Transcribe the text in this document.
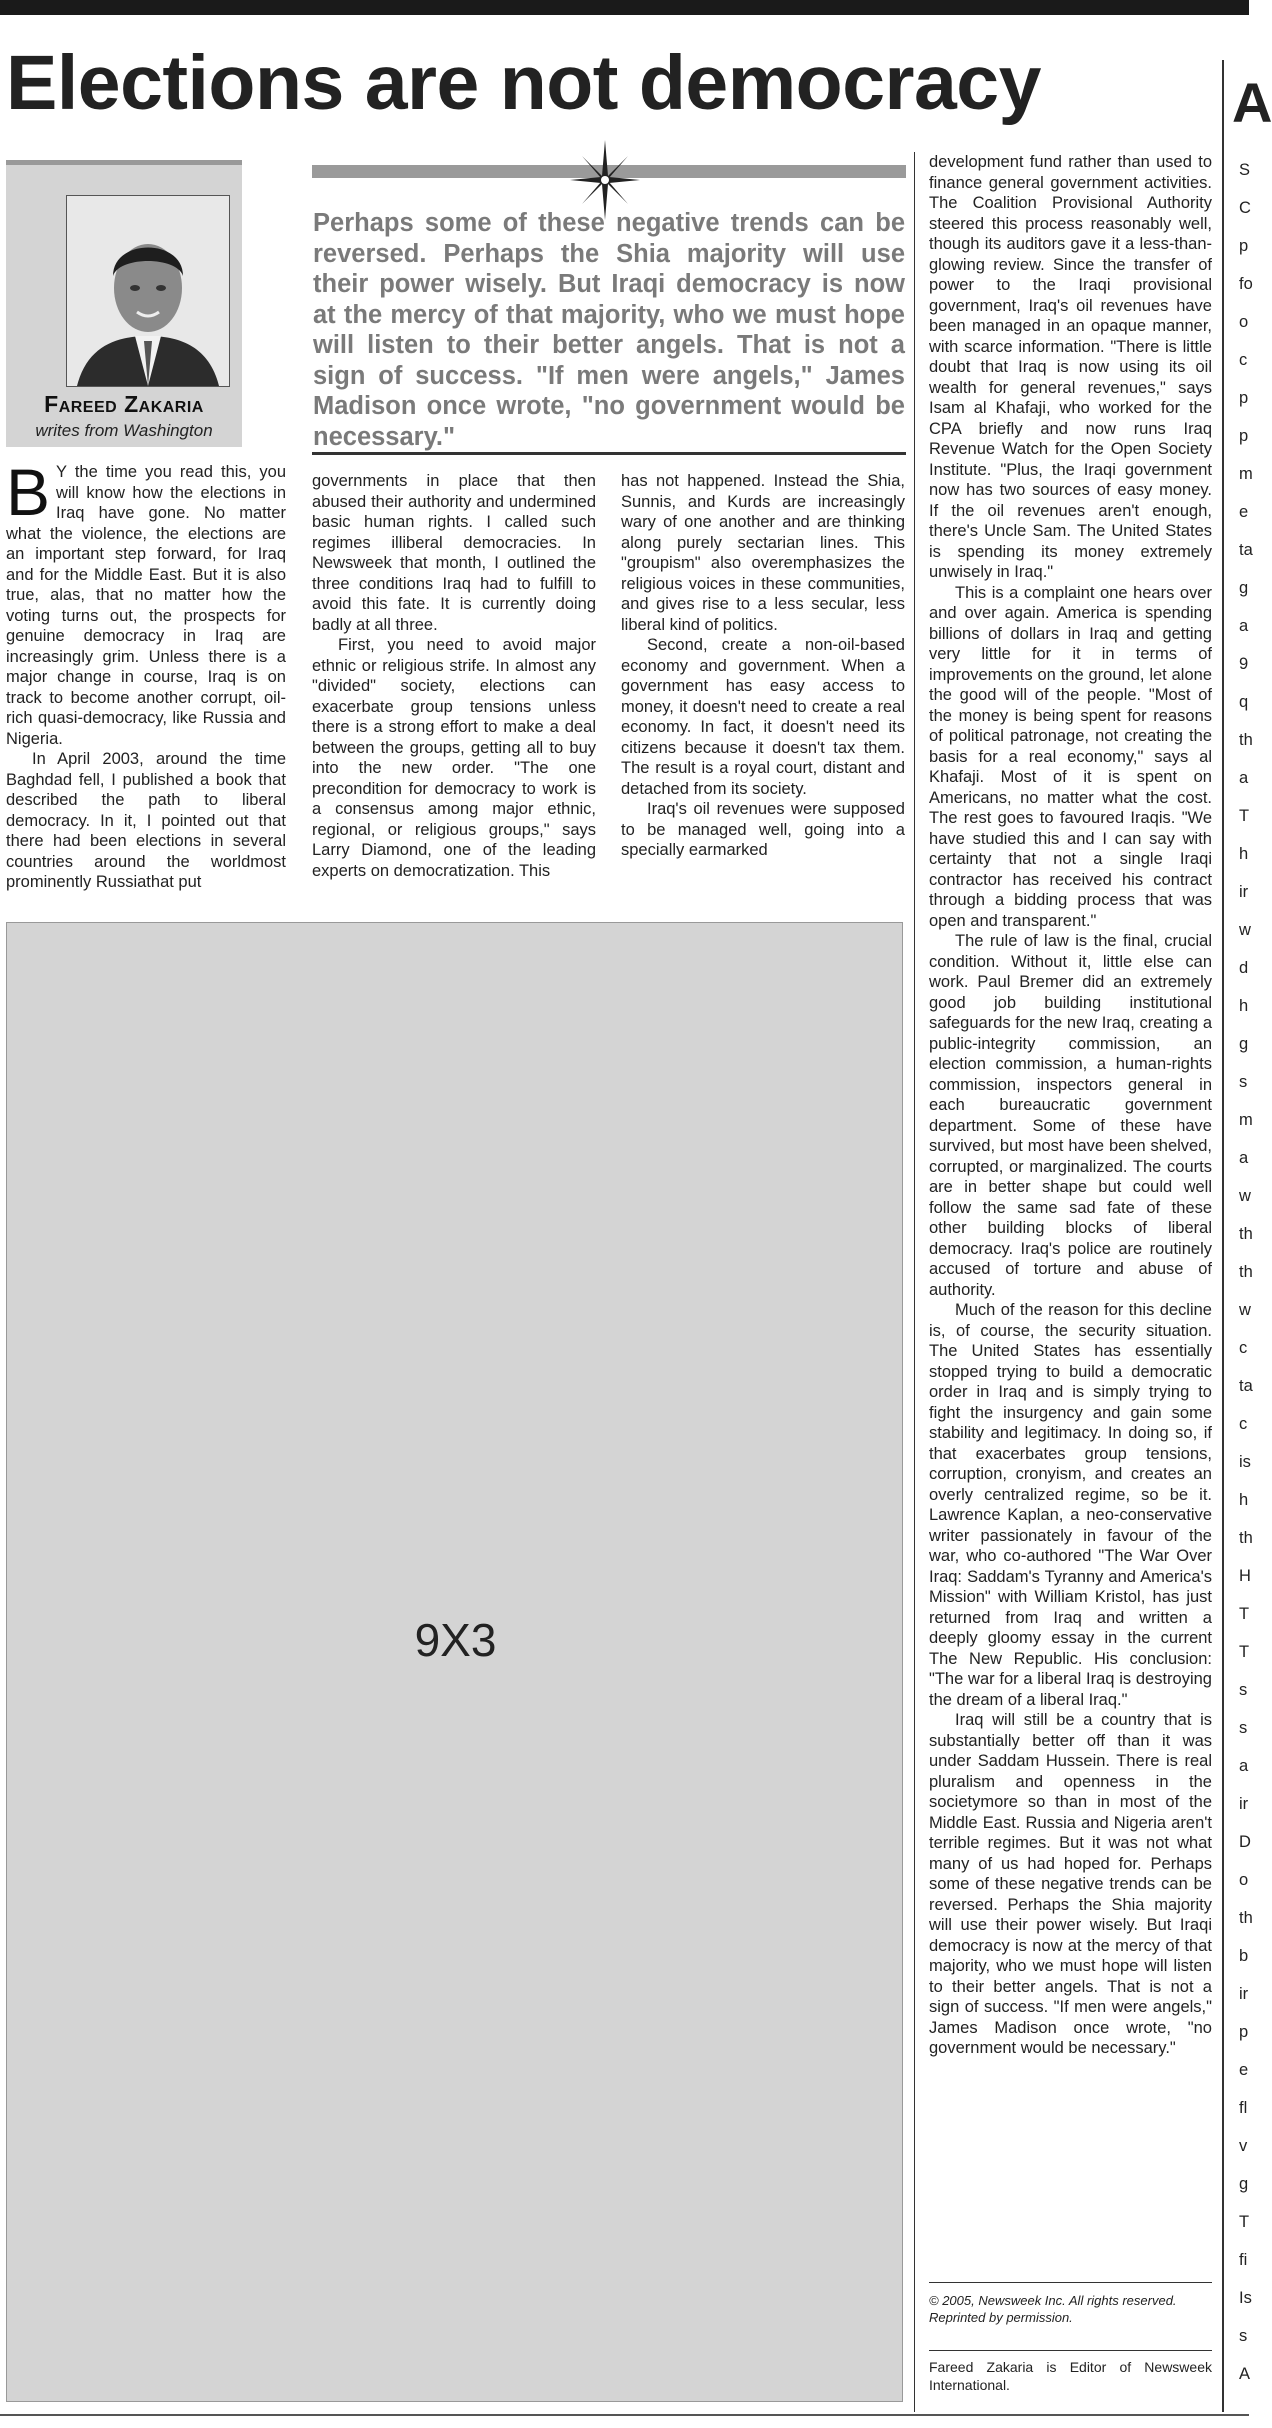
Elections are not democracy	A
Fareed Zakaria
writes from Washington

Perhaps some of these negative trends can be reversed. Perhaps the Shia majority will use their power wisely. But Iraqi democracy is now at the mercy of that majority, who we must hope will listen to their better angels. That is not a sign of success. "If men were angels," James Madison once wrote, "no government would be necessary."

B Y the time you read this, you will know how the elections in Iraq have gone. No matter what the violence, the elections are an important step forward, for Iraq and for the Middle East. But it is also true, alas, that no matter how the voting turns out, the prospects for genuine democracy in Iraq are increasingly grim. Unless there is a major change in course, Iraq is on track to become another corrupt, oil-rich quasi-democracy, like Russia and Nigeria.

In April 2003, around the time Baghdad fell, I published a book that described the path to liberal democracy. In it, I pointed out that there had been elections in several countries around the worldmost prominently Russiathat put

governments in place that then abused their authority and undermined basic human rights. I called such regimes illiberal democracies. In Newsweek that month, I outlined the three conditions Iraq had to fulfill to avoid this fate. It is currently doing badly at all three.

First, you need to avoid major ethnic or religious strife. In almost any "divided" society, elections can exacerbate group tensions unless there is a strong effort to make a deal between the groups, getting all to buy into the new order. "The one precondition for democracy to work is a consensus among major ethnic, regional, or religious groups," says Larry Diamond, one of the leading experts on democratization. This

has not happened. Instead the Shia, Sunnis, and Kurds are increasingly wary of one another and are thinking along purely sectarian lines. This "groupism" also overemphasizes the religious voices in these communities, and gives rise to a less secular, less liberal kind of politics.

Second, create a non-oil-based economy and government. When a government has easy access to money, it doesn't need to create a real economy. In fact, it doesn't need its citizens because it doesn't tax them. The result is a royal court, distant and detached from its society.

Iraq's oil revenues were supposed to be managed well, going into a specially earmarked

development fund rather than used to finance general government activities. The Coalition Provisional Authority steered this process reasonably well, though its auditors gave it a less-than-glowing review. Since the transfer of power to the Iraqi provisional government, Iraq's oil revenues have been managed in an opaque manner, with scarce information. "There is little doubt that Iraq is now using its oil wealth for general revenues," says Isam al Khafaji, who worked for the CPA briefly and now runs Iraq Revenue Watch for the Open Society Institute. "Plus, the Iraqi government now has two sources of easy money. If the oil revenues aren't enough, there's Uncle Sam. The United States is spending its money extremely unwisely in Iraq."

This is a complaint one hears over and over again. America is spending billions of dollars in Iraq and getting very little for it in terms of improvements on the ground, let alone the good will of the people. "Most of the money is being spent for reasons of political patronage, not creating the basis for a real economy," says al Khafaji. Most of it is spent on Americans, no matter what the cost. The rest goes to favoured Iraqis. "We have studied this and I can say with certainty that not a single Iraqi contractor has received his contract through a bidding process that was open and transparent."

The rule of law is the final, crucial condition. Without it, little else can work. Paul Bremer did an extremely good job building institutional safeguards for the new Iraq, creating a public-integrity commission, an election commission, a human-rights commission, inspectors general in each bureaucratic government department. Some of these have survived, but most have been shelved, corrupted, or marginalized. The courts are in better shape but could well follow the same sad fate of these other building blocks of liberal democracy. Iraq's police are routinely accused of torture and abuse of authority.

Much of the reason for this decline is, of course, the security situation. The United States has essentially stopped trying to build a democratic order in Iraq and is simply trying to fight the insurgency and gain some stability and legitimacy. In doing so, if that exacerbates group tensions, corruption, cronyism, and creates an overly centralized regime, so be it. Lawrence Kaplan, a neo-conservative writer passionately in favour of the war, who co-authored "The War Over Iraq: Saddam's Tyranny and America's Mission" with William Kristol, has just returned from Iraq and written a deeply gloomy essay in the current The New Republic. His conclusion: "The war for a liberal Iraq is destroying the dream of a liberal Iraq."

Iraq will still be a country that is substantially better off than it was under Saddam Hussein. There is real pluralism and openness in the societymore so than in most of the Middle East. Russia and Nigeria aren't terrible regimes. But it was not what many of us had hoped for. Perhaps some of these negative trends can be reversed. Perhaps the Shia majority will use their power wisely. But Iraqi democracy is now at the mercy of that majority, who we must hope will listen to their better angels. That is not a sign of success. "If men were angels," James Madison once wrote, "no government would be necessary."

© 2005, Newsweek Inc. All rights reserved. Reprinted by permission.
Fareed Zakaria is Editor of Newsweek International.
9X3
S
C
p
fo
o
c
p
p
m
e
ta
g
a
9
q
th
a
T
h
ir
w
d
h
g
s
m
a
w
th
th
w
c
ta
c
is
h
th
H
T
T
s
s
a
ir
D
o
th
b
ir
p
e
fl
v
g
T
fi
Is
s
A
